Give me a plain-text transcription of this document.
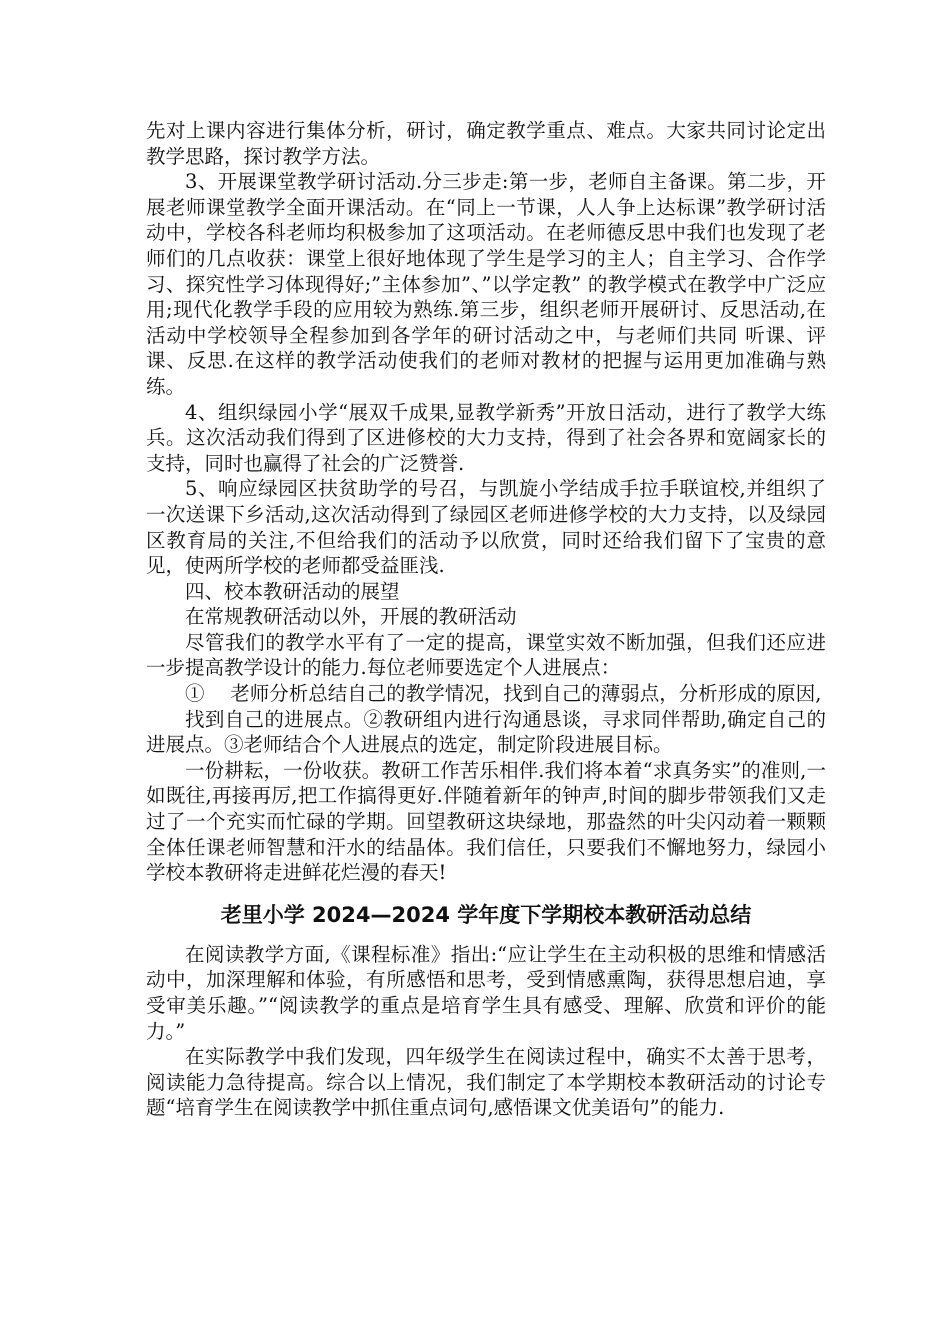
先对上课内容进行集体分析，研讨，确定教学重点、难点。大家共同讨论定出教学思路，探讨教学方法。

3、开展课堂教学研讨活动.分三步走:第一步，老师自主备课。第二步，开展老师课堂教学全面开课活动。在“同上一节课，人人争上达标课”教学研讨活动中，学校各科老师均积极参加了这项活动。在老师德反思中我们也发现了老师们的几点收获：课堂上很好地体现了学生是学习的主人；自主学习、合作学习、探究性学习体现得好;”主体参加”、”以学定教” 的教学模式在教学中广泛应用;现代化教学手段的应用较为熟练.第三步，组织老师开展研讨、反思活动,在活动中学校领导全程参加到各学年的研讨活动之中，与老师们共同 听课、评课、反思.在这样的教学活动使我们的老师对教材的把握与运用更加准确与熟练。

4、组织绿园小学“展双千成果,显教学新秀”开放日活动，进行了教学大练兵。这次活动我们得到了区进修校的大力支持，得到了社会各界和宽阔家长的支持，同时也赢得了社会的广泛赞誉.

5、响应绿园区扶贫助学的号召，与凯旋小学结成手拉手联谊校,并组织了一次送课下乡活动,这次活动得到了绿园区老师进修学校的大力支持，以及绿园区教育局的关注,不但给我们的活动予以欣赏，同时还给我们留下了宝贵的意见，使两所学校的老师都受益匪浅.

四、校本教研活动的展望

在常规教研活动以外，开展的教研活动

尽管我们的教学水平有了一定的提高，课堂实效不断加强，但我们还应进一步提高教学设计的能力.每位老师要选定个人进展点：

①　 老师分析总结自己的教学情况，找到自己的薄弱点，分析形成的原因,

找到自己的进展点。②教研组内进行沟通恳谈，寻求同伴帮助,确定自己的进展点。③老师结合个人进展点的选定，制定阶段进展目标。

一份耕耘，一份收获。教研工作苦乐相伴.我们将本着“求真务实”的准则,一如既往,再接再厉,把工作搞得更好.伴随着新年的钟声,时间的脚步带领我们又走过了一个充实而忙碌的学期。回望教研这块绿地，那盎然的叶尖闪动着一颗颗全体任课老师智慧和汗水的结晶体。我们信任，只要我们不懈地努力，绿园小学校本教研将走进鲜花烂漫的春天!

老里小学 2024—2024 学年度下学期校本教研活动总结

在阅读教学方面,《课程标准》指出:“应让学生在主动积极的思维和情感活动中，加深理解和体验，有所感悟和思考，受到情感熏陶，获得思想启迪，享受审美乐趣。”“阅读教学的重点是培育学生具有感受、理解、欣赏和评价的能力。”

在实际教学中我们发现，四年级学生在阅读过程中，确实不太善于思考，阅读能力急待提高。综合以上情况，我们制定了本学期校本教研活动的讨论专题“培育学生在阅读教学中抓住重点词句,感悟课文优美语句”的能力.
